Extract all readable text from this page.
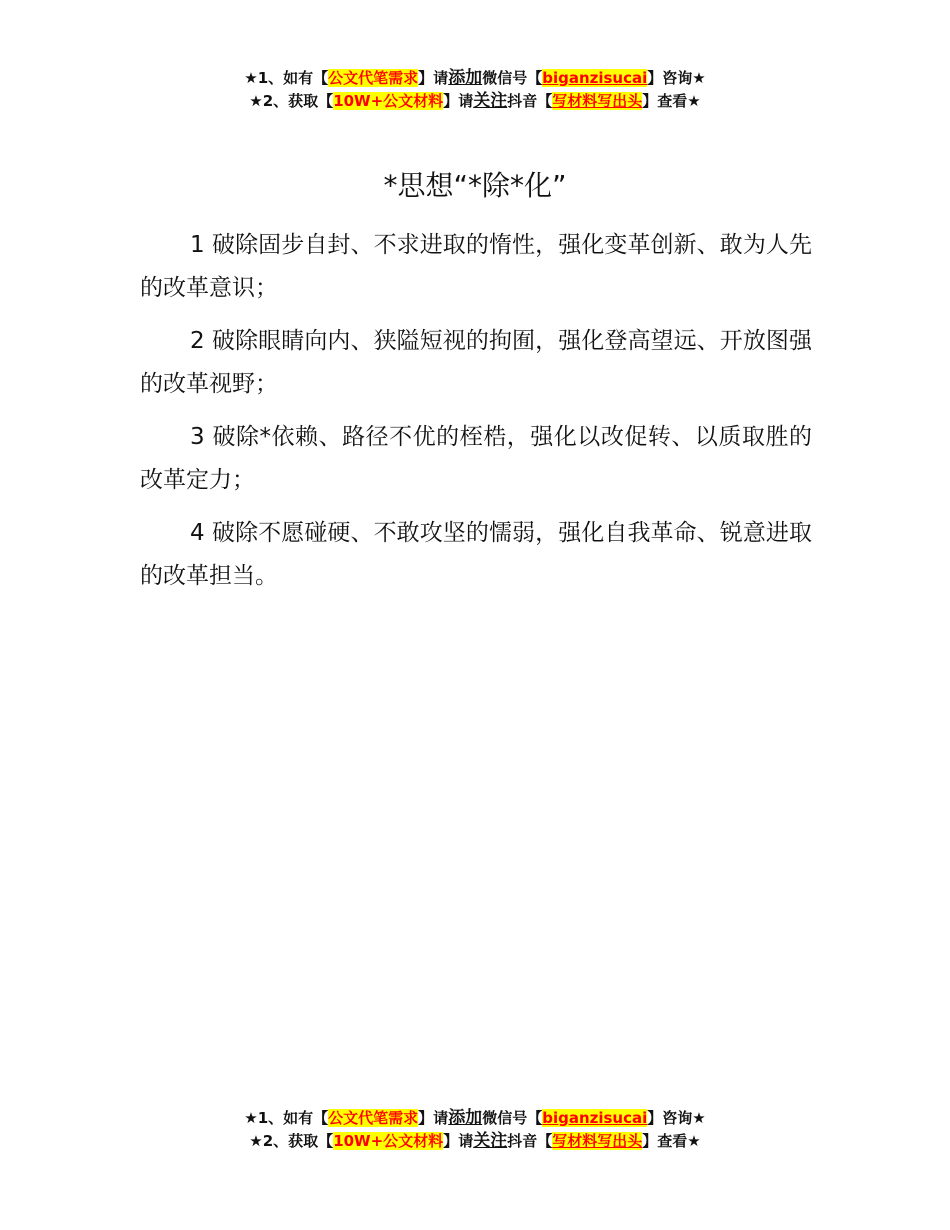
★1、如有【公文代笔需求】请添加微信号【biganzisucai】咨询★
★2、获取【10W+公文材料】请关注抖音【写材料写出头】查看★
*思想“*除*化”

1 破除固步自封、不求进取的惰性，强化变革创新、敢为人先的改革意识；

2 破除眼睛向内、狭隘短视的拘囿，强化登高望远、开放图强的改革视野；

3 破除*依赖、路径不优的桎梏，强化以改促转、以质取胜的改革定力；

4 破除不愿碰硬、不敢攻坚的懦弱，强化自我革命、锐意进取的改革担当。

★1、如有【公文代笔需求】请添加微信号【biganzisucai】咨询★
★2、获取【10W+公文材料】请关注抖音【写材料写出头】查看★
